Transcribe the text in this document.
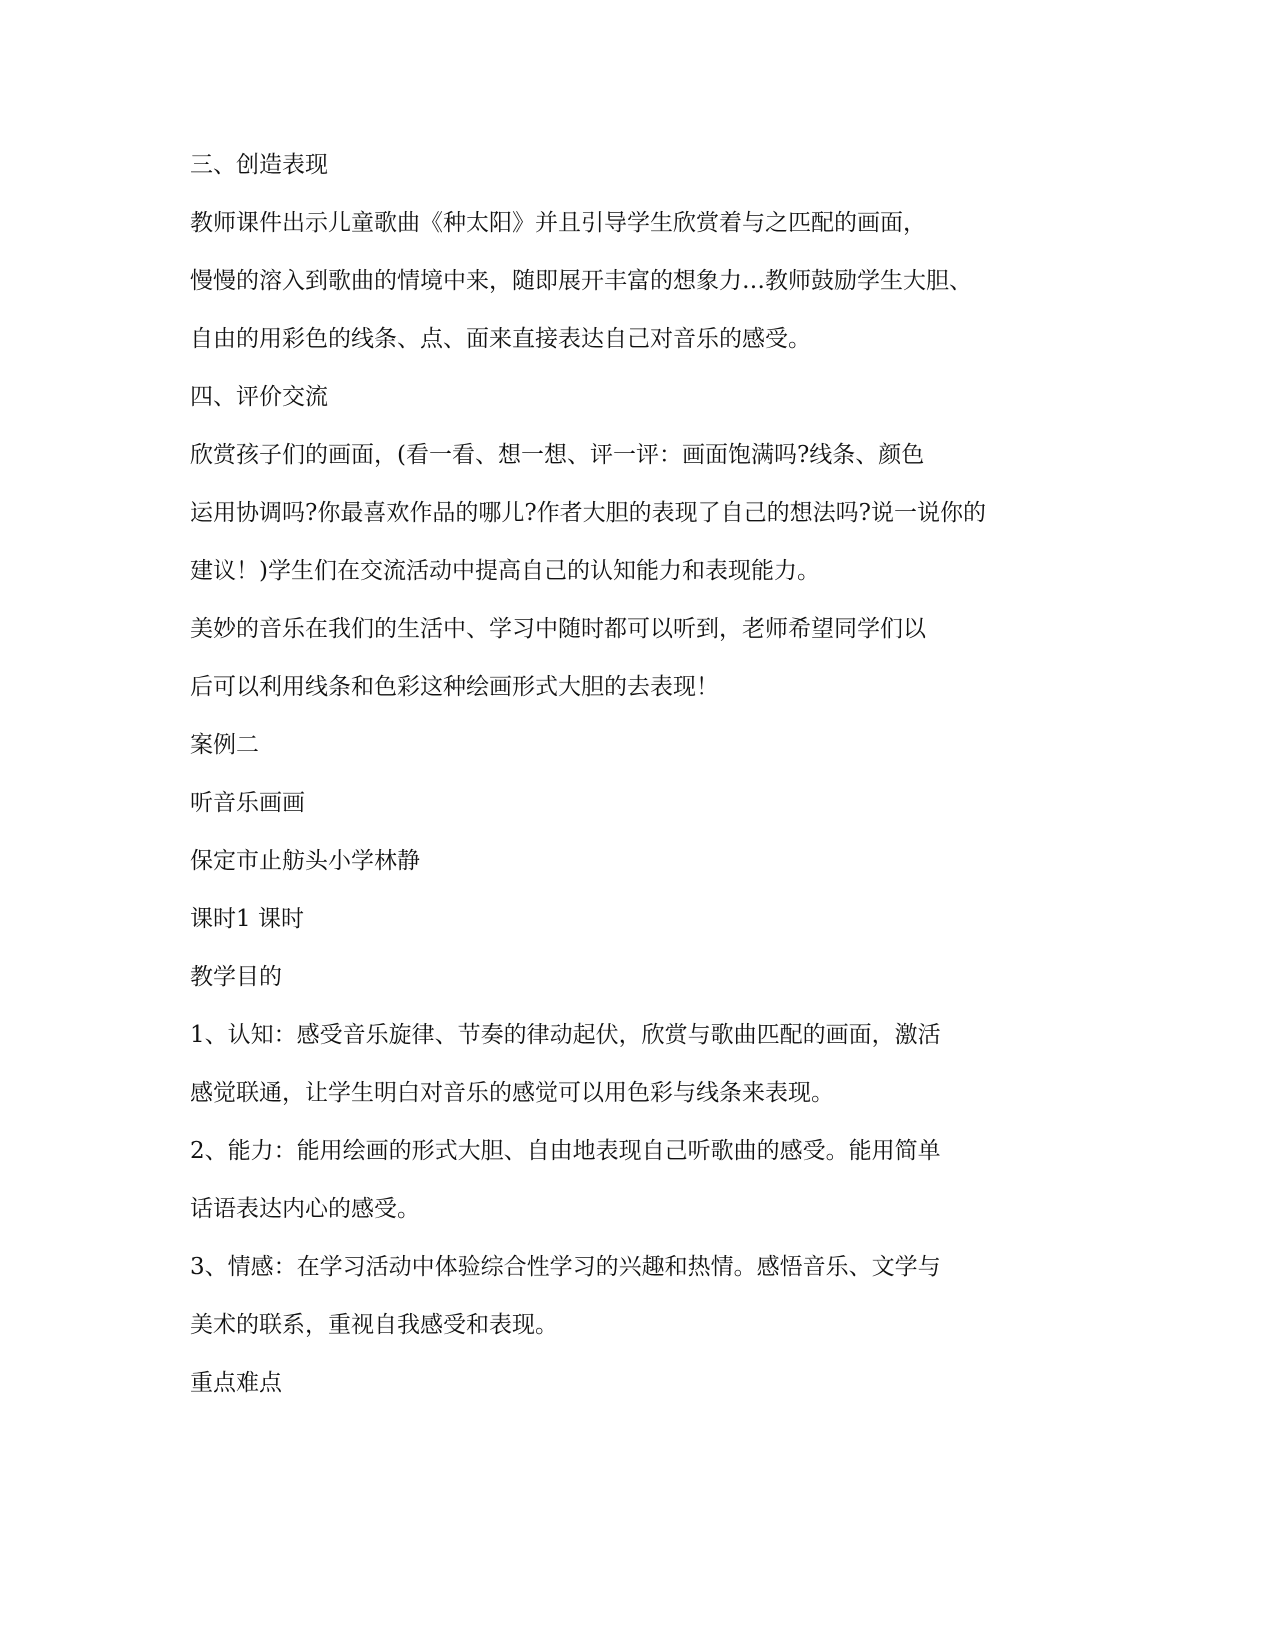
三、创造表现

教师课件出示儿童歌曲《种太阳》并且引导学生欣赏着与之匹配的画面，

慢慢的溶入到歌曲的情境中来，随即展开丰富的想象力…教师鼓励学生大胆、

自由的用彩色的线条、点、面来直接表达自己对音乐的感受。

四、评价交流

欣赏孩子们的画面，(看一看、想一想、评一评：画面饱满吗?线条、颜色

运用协调吗?你最喜欢作品的哪儿?作者大胆的表现了自己的想法吗?说一说你的

建议！)学生们在交流活动中提高自己的认知能力和表现能力。

美妙的音乐在我们的生活中、学习中随时都可以听到，老师希望同学们以

后可以利用线条和色彩这种绘画形式大胆的去表现！

案例二

听音乐画画

保定市止舫头小学林静

课时1 课时

教学目的

1、认知：感受音乐旋律、节奏的律动起伏，欣赏与歌曲匹配的画面，激活

感觉联通，让学生明白对音乐的感觉可以用色彩与线条来表现。

2、能力：能用绘画的形式大胆、自由地表现自己听歌曲的感受。能用简单

话语表达内心的感受。

3、情感：在学习活动中体验综合性学习的兴趣和热情。感悟音乐、文学与

美术的联系，重视自我感受和表现。

重点难点
